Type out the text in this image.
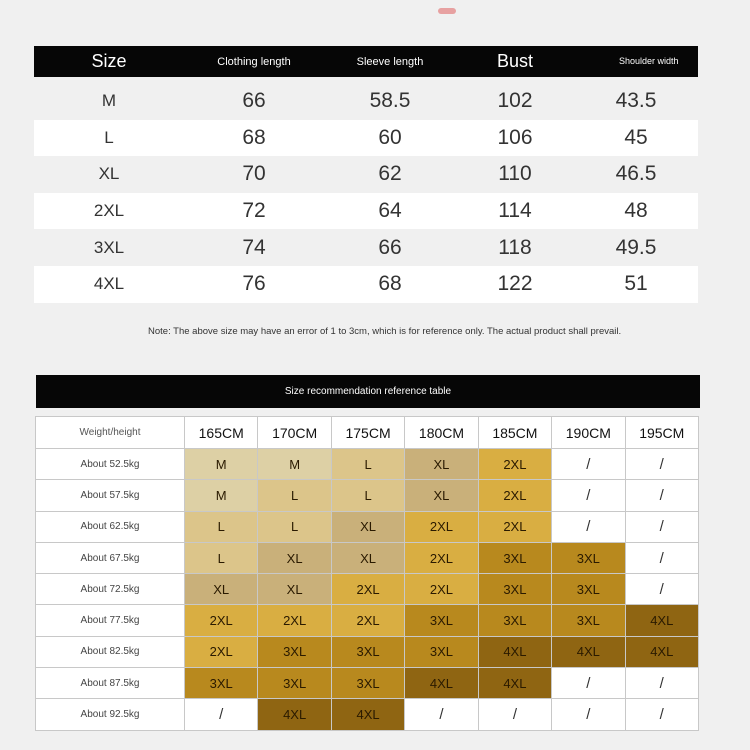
Size	Clothing length	Sleeve length	Bust	Shoulder width
M	66	58.5	102	43.5
L	68	60	106	45
XL	70	62	110	46.5
2XL	72	64	114	48
3XL	74	66	118	49.5
4XL	76	68	122	51
Note: The above size may have an error of 1 to 3cm, which is for reference only. The actual product shall prevail.
Size recommendation reference table
Weight/height	165CM	170CM	175CM	180CM	185CM	190CM	195CM
About 52.5kg	M	M	L	XL	2XL	/	/
About 57.5kg	M	L	L	XL	2XL	/	/
About 62.5kg	L	L	XL	2XL	2XL	/	/
About 67.5kg	L	XL	XL	2XL	3XL	3XL	/
About 72.5kg	XL	XL	2XL	2XL	3XL	3XL	/
About 77.5kg	2XL	2XL	2XL	3XL	3XL	3XL	4XL
About 82.5kg	2XL	3XL	3XL	3XL	4XL	4XL	4XL
About 87.5kg	3XL	3XL	3XL	4XL	4XL	/	/
About 92.5kg	/	4XL	4XL	/	/	/	/
